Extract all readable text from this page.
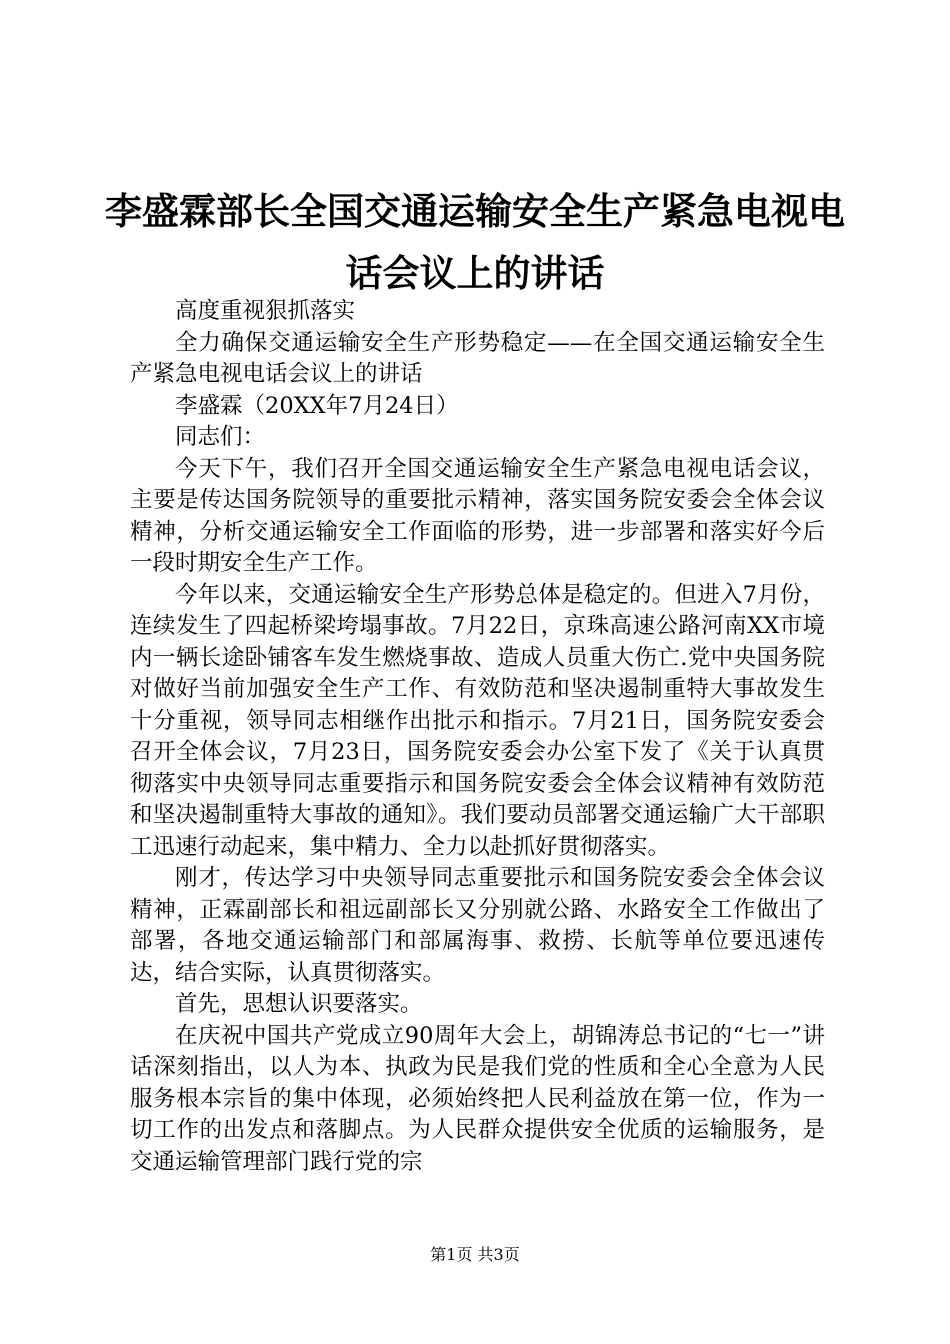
李盛霖部长全国交通运输安全生产紧急电视电
话会议上的讲话

高度重视狠抓落实

全力确保交通运输安全生产形势稳定——在全国交通运输安全生产紧急电视电话会议上的讲话

李盛霖（20XX年7月24日）

同志们：

今天下午，我们召开全国交通运输安全生产紧急电视电话会议，主要是传达国务院领导的重要批示精神，落实国务院安委会全体会议精神，分析交通运输安全工作面临的形势，进一步部署和落实好今后一段时期安全生产工作。

今年以来，交通运输安全生产形势总体是稳定的。但进入7月份，连续发生了四起桥梁垮塌事故。7月22日，京珠高速公路河南XX市境内一辆长途卧铺客车发生燃烧事故、造成人员重大伤亡.党中央国务院对做好当前加强安全生产工作、有效防范和坚决遏制重特大事故发生十分重视，领导同志相继作出批示和指示。7月21日，国务院安委会召开全体会议，7月23日，国务院安委会办公室下发了《关于认真贯彻落实中央领导同志重要指示和国务院安委会全体会议精神有效防范和坚决遏制重特大事故的通知》。我们要动员部署交通运输广大干部职工迅速行动起来，集中精力、全力以赴抓好贯彻落实。

刚才，传达学习中央领导同志重要批示和国务院安委会全体会议精神，正霖副部长和祖远副部长又分别就公路、水路安全工作做出了部署，各地交通运输部门和部属海事、救捞、长航等单位要迅速传达，结合实际，认真贯彻落实。

首先，思想认识要落实。

在庆祝中国共产党成立90周年大会上，胡锦涛总书记的“七一”讲话深刻指出，以人为本、执政为民是我们党的性质和全心全意为人民服务根本宗旨的集中体现，必须始终把人民利益放在第一位，作为一切工作的出发点和落脚点。为人民群众提供安全优质的运输服务，是交通运输管理部门践行党的宗

第1页 共3页
